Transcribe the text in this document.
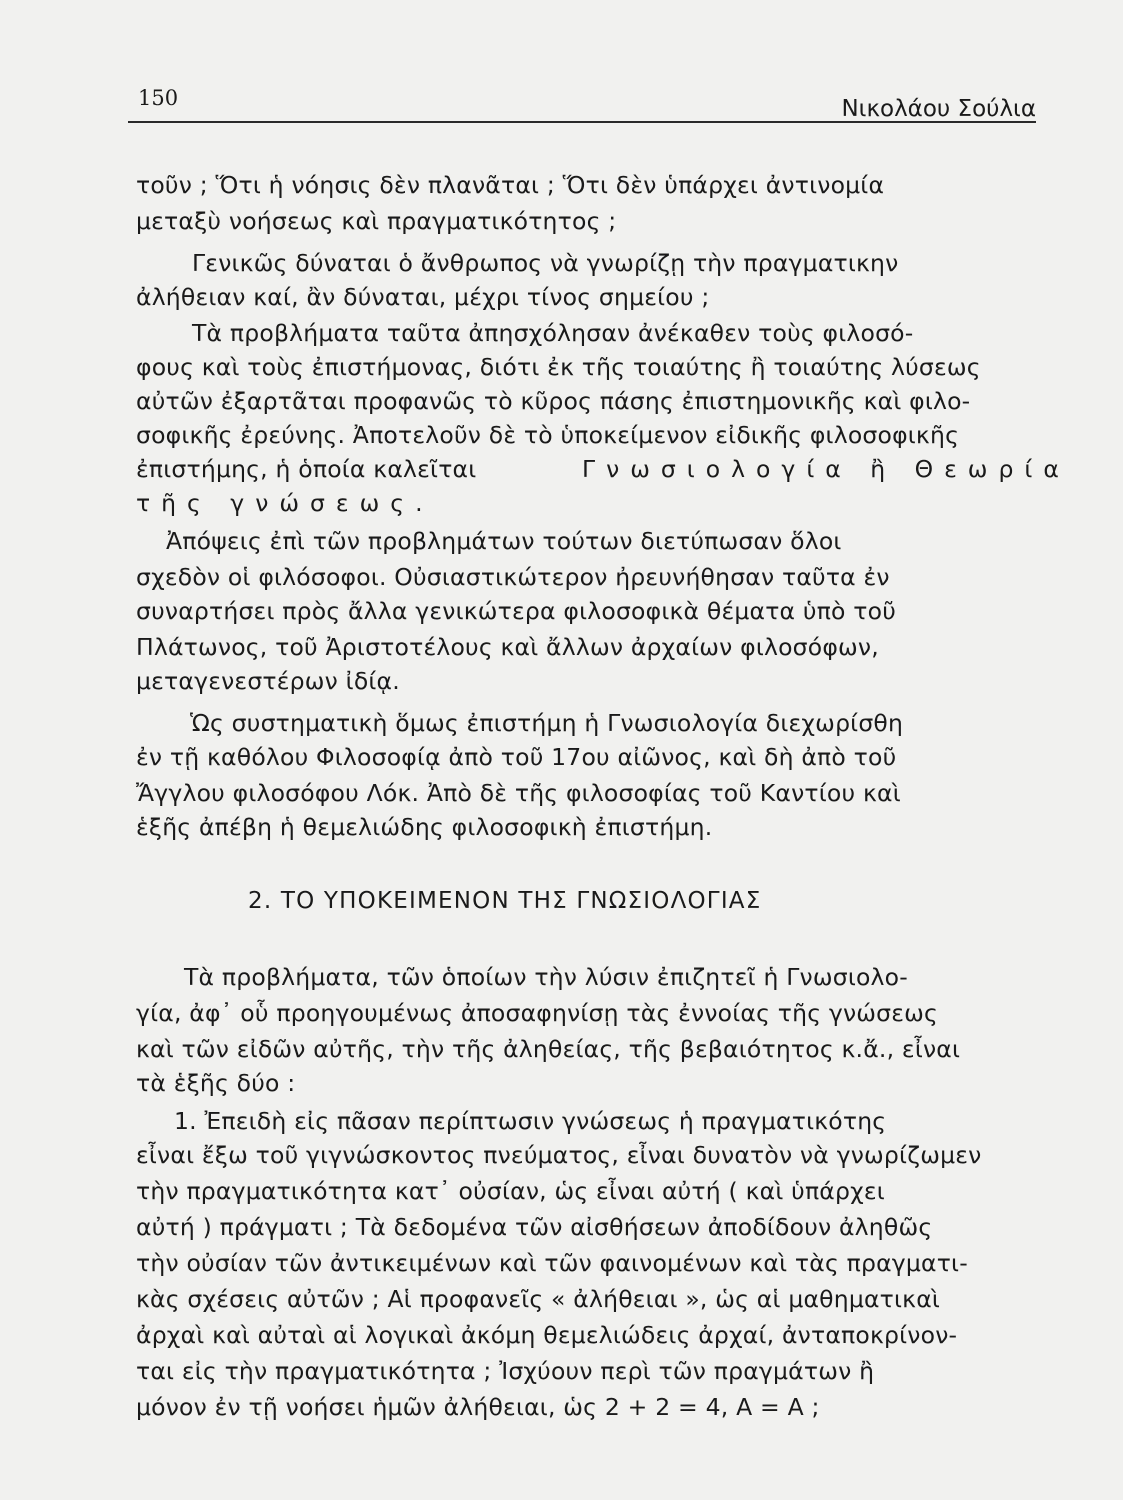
150	Νικολάου Σούλια
τοῦν ; Ὅτι ἡ νόησις δὲν πλανᾶται ; Ὅτι δὲν ὑπάρχει ἀντινομία
μεταξὺ νοήσεως καὶ πραγματικότητος ;
Γενικῶς δύναται ὁ ἄνθρωπος νὰ γνωρίζῃ τὴν πραγματικην
ἀλήθειαν καί, ἂν δύναται, μέχρι τίνος σημείου ;
Τὰ προβλήματα ταῦτα ἀπησχόλησαν ἀνέκαθεν τοὺς φιλοσό-
φους καὶ τοὺς ἐπιστήμονας, διότι ἐκ τῆς τοιαύτης ἢ τοιαύτης λύσεως
αὐτῶν ἐξαρτᾶται προφανῶς τὸ κῦρος πάσης ἐπιστημονικῆς καὶ φιλο-
σοφικῆς ἐρεύνης. Ἀποτελοῦν δὲ τὸ ὑποκείμενον εἰδικῆς φιλοσοφικῆς
ἐπιστήμης, ἡ ὁποία καλεῖται	Γνωσιολογία ἢ Θεωρία
τῆς γνώσεως.
Ἀπόψεις ἐπὶ τῶν προβλημάτων τούτων διετύπωσαν ὅλοι
σχεδὸν οἱ φιλόσοφοι. Οὐσιαστικώτερον ἠρευνήθησαν ταῦτα ἐν
συναρτήσει πρὸς ἄλλα γενικώτερα φιλοσοφικὰ θέματα ὑπὸ τοῦ
Πλάτωνος, τοῦ Ἀριστοτέλους καὶ ἄλλων ἀρχαίων φιλοσόφων,
μεταγενεστέρων ἰδίᾳ.
Ὡς συστηματικὴ ὅμως ἐπιστήμη ἡ Γνωσιολογία διεχωρίσθη
ἐν τῇ καθόλου Φιλοσοφίᾳ ἀπὸ τοῦ 17ου αἰῶνος, καὶ δὴ ἀπὸ τοῦ
Ἄγγλου φιλοσόφου Λόκ. Ἀπὸ δὲ τῆς φιλοσοφίας τοῦ Καντίου καὶ
ἑξῆς ἀπέβη ἡ θεμελιώδης φιλοσοφικὴ ἐπιστήμη.
2. ΤΟ ΥΠΟΚΕΙΜΕΝΟΝ ΤΗΣ ΓΝΩΣΙΟΛΟΓΙΑΣ
Τὰ προβλήματα, τῶν ὁποίων τὴν λύσιν ἐπιζητεῖ ἡ Γνωσιολο-
γία, ἀφ᾽ οὗ προηγουμένως ἀποσαφηνίσῃ τὰς ἐννοίας τῆς γνώσεως
καὶ τῶν εἰδῶν αὐτῆς, τὴν τῆς ἀληθείας, τῆς βεβαιότητος κ.ἄ., εἶναι
τὰ ἑξῆς δύο :
1. Ἐπειδὴ εἰς πᾶσαν περίπτωσιν γνώσεως ἡ πραγματικότης
εἶναι ἔξω τοῦ γιγνώσκοντος πνεύματος, εἶναι δυνατὸν νὰ γνωρίζωμεν
τὴν πραγματικότητα κατ᾽ οὐσίαν, ὡς εἶναι αὐτή ( καὶ ὑπάρχει
αὐτή ) πράγματι ; Τὰ δεδομένα τῶν αἰσθήσεων ἀποδίδουν ἀληθῶς
τὴν οὐσίαν τῶν ἀντικειμένων καὶ τῶν φαινομένων καὶ τὰς πραγματι-
κὰς σχέσεις αὐτῶν ; Αἱ προφανεῖς « ἀλήθειαι », ὡς αἱ μαθηματικαὶ
ἀρχαὶ καὶ αὐταὶ αἱ λογικαὶ ἀκόμη θεμελιώδεις ἀρχαί, ἀνταποκρίνον-
ται εἰς τὴν πραγματικότητα ; Ἰσχύουν περὶ τῶν πραγμάτων ἢ
μόνον ἐν τῇ νοήσει ἡμῶν ἀλήθειαι, ὡς 2 + 2 = 4, Α = Α ;
